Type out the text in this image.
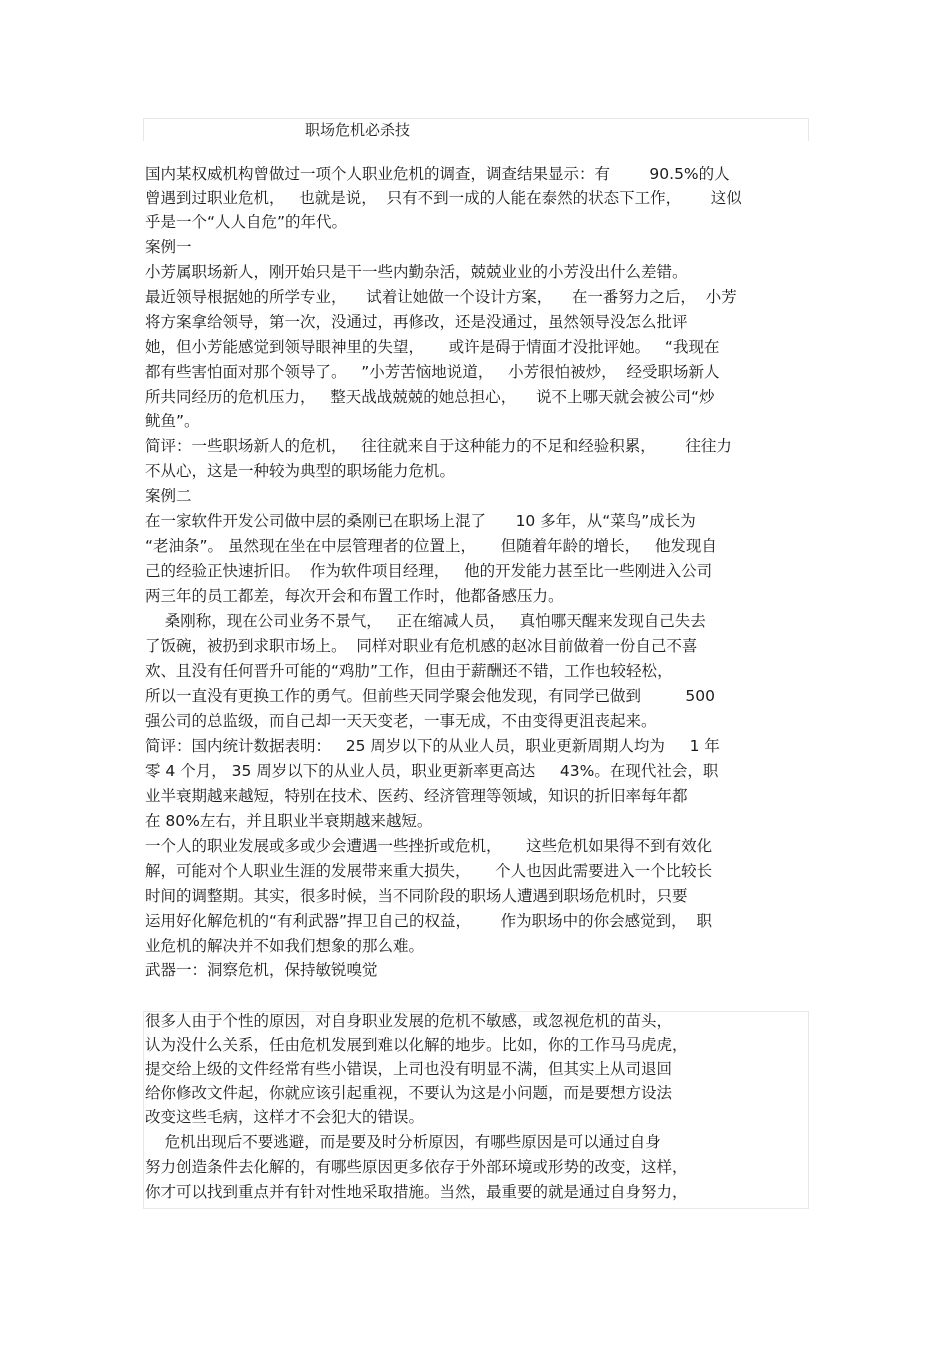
职场危机必杀技

国内某权威机构曾做过一项个人职业危机的调查，调查结果显示：有        90.5%的人

曾遇到过职业危机，   也就是说，  只有不到一成的人能在泰然的状态下工作，      这似

乎是一个“人人自危”的年代。

案例一

小芳属职场新人，刚开始只是干一些内勤杂活，兢兢业业的小芳没出什么差错。

最近领导根据她的所学专业，    试着让她做一个设计方案，    在一番努力之后，  小芳

将方案拿给领导，第一次，没通过，再修改，还是没通过，虽然领导没怎么批评

她，但小芳能感觉到领导眼神里的失望，     或许是碍于情面才没批评她。   “我现在

都有些害怕面对那个领导了。   ”小芳苦恼地说道，   小芳很怕被炒，  经受职场新人

所共同经历的危机压力，   整天战战兢兢的她总担心，    说不上哪天就会被公司“炒

鱿鱼”。

简评：一些职场新人的危机，   往往就来自于这种能力的不足和经验积累，      往往力

不从心，这是一种较为典型的职场能力危机。

案例二

在一家软件开发公司做中层的桑刚已在职场上混了      10 多年，从“菜鸟”成长为

“老油条”。 虽然现在坐在中层管理者的位置上，     但随着年龄的增长，   他发现自

己的经验正快速折旧。  作为软件项目经理，   他的开发能力甚至比一些刚进入公司

两三年的员工都差，每次开会和布置工作时，他都备感压力。

桑刚称，现在公司业务不景气，   正在缩减人员，   真怕哪天醒来发现自己失去

了饭碗，被扔到求职市场上。  同样对职业有危机感的赵冰目前做着一份自己不喜

欢、且没有任何晋升可能的“鸡肋”工作，但由于薪酬还不错，工作也较轻松，

所以一直没有更换工作的勇气。但前些天同学聚会他发现，有同学已做到         500

强公司的总监级，而自己却一天天变老，一事无成，不由变得更沮丧起来。

简评：国内统计数据表明：   25 周岁以下的从业人员，职业更新周期人均为     1 年

零 4 个月， 35 周岁以下的从业人员，职业更新率更高达     43%。在现代社会，职

业半衰期越来越短，特别在技术、医药、经济管理等领域，知识的折旧率每年都

在 80%左右，并且职业半衰期越来越短。

一个人的职业发展或多或少会遭遇一些挫折或危机，     这些危机如果得不到有效化

解，可能对个人职业生涯的发展带来重大损失，     个人也因此需要进入一个比较长

时间的调整期。其实，很多时候，当不同阶段的职场人遭遇到职场危机时，只要

运用好化解危机的“有利武器”捍卫自己的权益，      作为职场中的你会感觉到，  职

业危机的解决并不如我们想象的那么难。

武器一：洞察危机，保持敏锐嗅觉

很多人由于个性的原因，对自身职业发展的危机不敏感，或忽视危机的苗头，

认为没什么关系，任由危机发展到难以化解的地步。比如，你的工作马马虎虎，

提交给上级的文件经常有些小错误，上司也没有明显不满，但其实上从司退回

给你修改文件起，你就应该引起重视，不要认为这是小问题，而是要想方设法

改变这些毛病，这样才不会犯大的错误。

危机出现后不要逃避，而是要及时分析原因，有哪些原因是可以通过自身

努力创造条件去化解的，有哪些原因更多依存于外部环境或形势的改变，这样，

你才可以找到重点并有针对性地采取措施。当然，最重要的就是通过自身努力，
